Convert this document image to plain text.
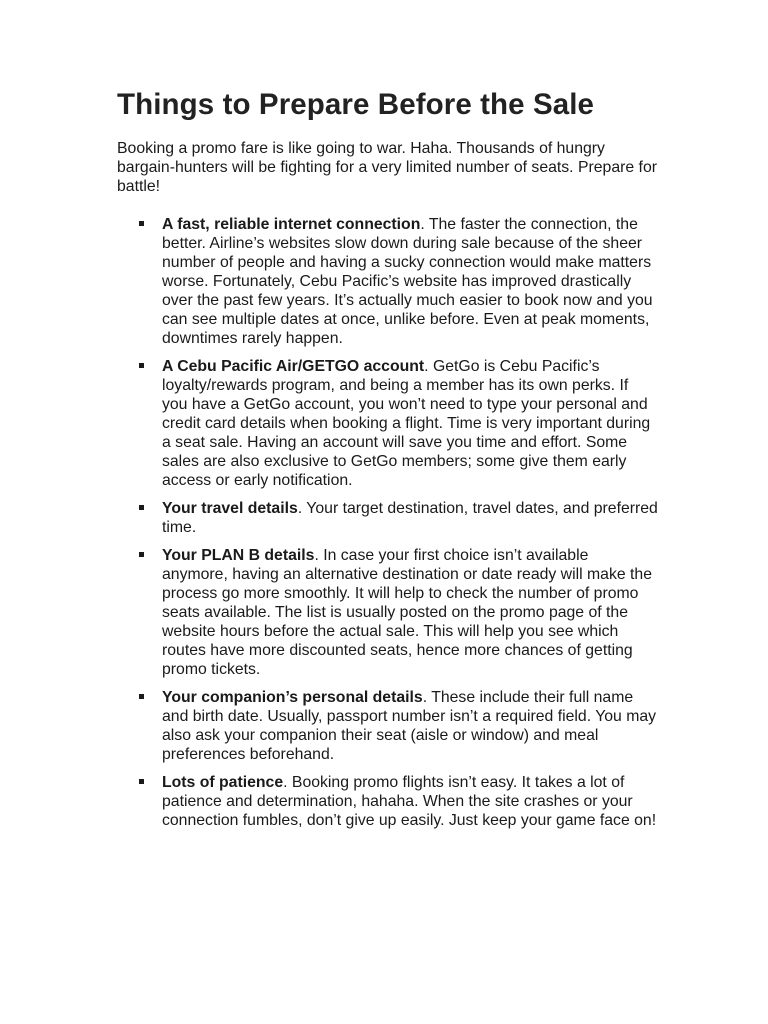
Things to Prepare Before the Sale

Booking a promo fare is like going to war. Haha. Thousands of hungry bargain-hunters will be fighting for a very limited number of seats. Prepare for battle!

A fast, reliable internet connection. The faster the connection, the better. Airline’s websites slow down during sale because of the sheer number of people and having a sucky connection would make matters worse. Fortunately, Cebu Pacific’s website has improved drastically over the past few years. It’s actually much easier to book now and you can see multiple dates at once, unlike before. Even at peak moments, downtimes rarely happen.
A Cebu Pacific Air/GETGO account. GetGo is Cebu Pacific’s loyalty/rewards program, and being a member has its own perks. If you have a GetGo account, you won’t need to type your personal and credit card details when booking a flight. Time is very important during a seat sale. Having an account will save you time and effort. Some sales are also exclusive to GetGo members; some give them early access or early notification.
Your travel details. Your target destination, travel dates, and preferred time.
Your PLAN B details. In case your first choice isn’t available anymore, having an alternative destination or date ready will make the process go more smoothly. It will help to check the number of promo seats available. The list is usually posted on the promo page of the website hours before the actual sale. This will help you see which routes have more discounted seats, hence more chances of getting promo tickets.
Your companion’s personal details. These include their full name and birth date. Usually, passport number isn’t a required field. You may also ask your companion their seat (aisle or window) and meal preferences beforehand.
Lots of patience. Booking promo flights isn’t easy. It takes a lot of patience and determination, hahaha. When the site crashes or your connection fumbles, don’t give up easily. Just keep your game face on!
